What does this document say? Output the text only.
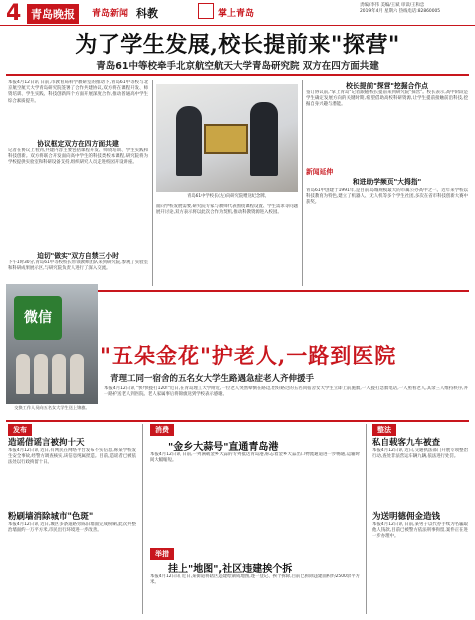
4 青岛晚报	青岛新闻 科教	掌上青岛
责编/李伟 美编/王斌 审读/王和忠
2019年4月 星期六 热线电话:82860005
为了学生发展,校长提前来"探营"
青岛61中等校牵手北京航空航天大学青岛研究院 双方在四方面共建
本报4月12日讯 日前,市教育局科学教研室的推动下,青岛61中等校与北京航空航天大学青岛研究院签署了合作共建协议,双方将在课程开发、师资培训、学生实践、科技创新四个方面开展深度合作,推动普通高中学生综合素质提升。
协议框定双方在四方面共建
记者在协议上看到,共建内容主要包括课程开发、师资培训、学生实践和科技创新。双方将联合开发面向高中学生的科技类校本课程,研究院将为学校提供实验室和科研设备支持,组织研究人员走进校园开设讲座。
迫切"做实"双方自禁三小时
下午1时30分,青岛61中等校校长带领教师团队来到研究院,参观了实验室和科研成果展示区,与研究院负责人进行了深入交流。
青岛61中学校长(左)向研究院赠送纪念牌。
面向学校发展需要,研究院专家与教师代表围绕课程设置、学生需求等问题展开讨论,双方表示将以此次合作为契机,推动科教资源进入校园。
校长提前"探营"挖掘合作点
签订协议前,"掌上青岛"记者跟随校长提前来到研究院"探营"。校长表示,高中阶段是学生确定发展方向的关键时期,希望借助高校科研资源,让学生提前接触前沿科技,挖掘自身兴趣与潜能。
新闻延伸
和进助学频页"大拇指"
青岛61中创建于1991年,是目前岛城规模最大的市属公办高中之一。近年来学校以科技教育为特色,建立了机器人、无人机等多个学生社团,多次在省市科技创新大赛中获奖。
微信
交换工作人员向五名女大学生送上锦旗。
"五朵金花"护老人,一路到医院
青理工同一宿舍的五名女大学生路遇急症老人齐伸援手
本报4月12日讯 "快!快拨打120!"近日,在青岛理工大学附近,一位老人突然晕倒在路边,恰好路过的五名同宿舍女大学生立即上前施救,一人拨打急救电话,一人照看老人,其余三人维持秩序,并一路护送老人到医院。老人家属事后将锦旗送到学校表示感谢。
发布
造谣借谣言被拘十天
本报4月12日讯 近日,有网民在网络平台发布不实信息,称某学校发生安全事故,经警方调查核实,该信息纯属捏造。目前,造谣者已被依法处以行政拘留十日。
粉刷墙消除城市"色斑"
本报4月12日讯 近日,城区多条道路旁陈旧墙面完成粉刷,此次共整治墙面约一万平方米,市民出行环境进一步改善。
消费
"金乡大蒜号"直通青岛港
本报4月12日讯 日前,一列满载金乡大蒜的专列抵达青岛港,标志着金乡大蒜出口物流通道进一步畅通,运输时间大幅缩短。
举措
挂上"地图",社区违建挨个拆
本报4月12日讯 近日,某街道将辖区违建绘制成地图,逐一登记、挨个拆除,目前已拆除违建面积约2500余平方米。
整法
私自载客九车被查
本报4月12日讯 近日,交通执法部门开展专项整治行动,查处非法营运车辆九辆,依法进行处罚。
为送明德佣金造钱
本报4月12日讯 日前,某男子以代办手续为名骗取他人钱款,目前已被警方依法刑事拘留,案件正在进一步办理中。
